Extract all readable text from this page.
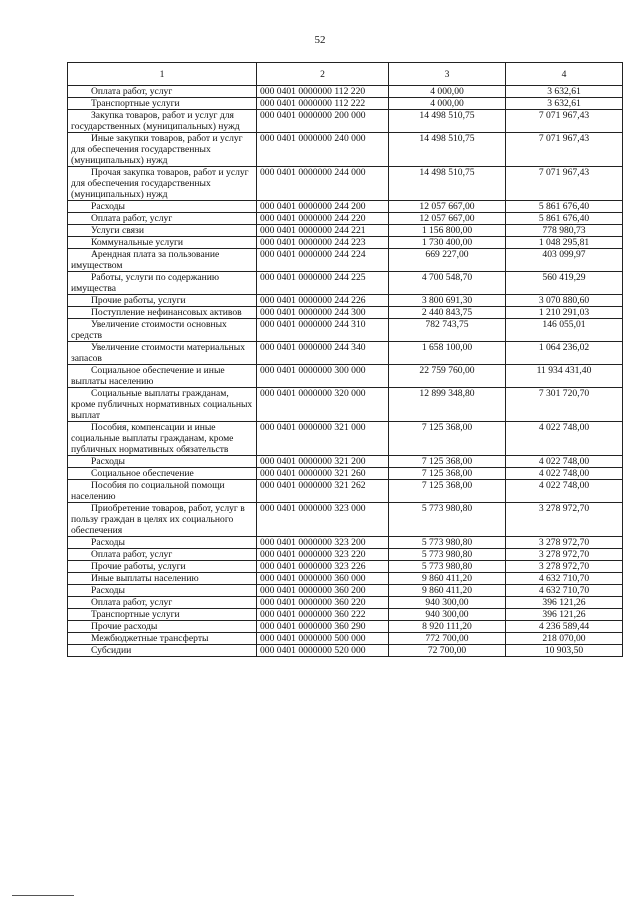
52
1	2	3	4
Оплата работ, услуг	000 0401 0000000 112 220	4 000,00	3 632,61
Транспортные услуги	000 0401 0000000 112 222	4 000,00	3 632,61
Закупка товаров, работ и услуг для государственных (муниципальных) нужд	000 0401 0000000 200 000	14 498 510,75	7 071 967,43
Иные закупки товаров, работ и услуг для обеспечения государственных (муниципальных) нужд	000 0401 0000000 240 000	14 498 510,75	7 071 967,43
Прочая закупка товаров, работ и услуг для обеспечения государственных (муниципальных) нужд	000 0401 0000000 244 000	14 498 510,75	7 071 967,43
Расходы	000 0401 0000000 244 200	12 057 667,00	5 861 676,40
Оплата работ, услуг	000 0401 0000000 244 220	12 057 667,00	5 861 676,40
Услуги связи	000 0401 0000000 244 221	1 156 800,00	778 980,73
Коммунальные услуги	000 0401 0000000 244 223	1 730 400,00	1 048 295,81
Арендная плата за пользование имуществом	000 0401 0000000 244 224	669 227,00	403 099,97
Работы, услуги по содержанию имущества	000 0401 0000000 244 225	4 700 548,70	560 419,29
Прочие работы, услуги	000 0401 0000000 244 226	3 800 691,30	3 070 880,60
Поступление нефинансовых активов	000 0401 0000000 244 300	2 440 843,75	1 210 291,03
Увеличение стоимости основных средств	000 0401 0000000 244 310	782 743,75	146 055,01
Увеличение стоимости материальных запасов	000 0401 0000000 244 340	1 658 100,00	1 064 236,02
Социальное обеспечение и иные выплаты населению	000 0401 0000000 300 000	22 759 760,00	11 934 431,40
Социальные выплаты гражданам, кроме публичных нормативных социальных выплат	000 0401 0000000 320 000	12 899 348,80	7 301 720,70
Пособия, компенсации и иные социальные выплаты гражданам, кроме публичных нормативных обязательств	000 0401 0000000 321 000	7 125 368,00	4 022 748,00
Расходы	000 0401 0000000 321 200	7 125 368,00	4 022 748,00
Социальное обеспечение	000 0401 0000000 321 260	7 125 368,00	4 022 748,00
Пособия по социальной помощи населению	000 0401 0000000 321 262	7 125 368,00	4 022 748,00
Приобретение товаров, работ, услуг в пользу граждан в целях их социального обеспечения	000 0401 0000000 323 000	5 773 980,80	3 278 972,70
Расходы	000 0401 0000000 323 200	5 773 980,80	3 278 972,70
Оплата работ, услуг	000 0401 0000000 323 220	5 773 980,80	3 278 972,70
Прочие работы, услуги	000 0401 0000000 323 226	5 773 980,80	3 278 972,70
Иные выплаты населению	000 0401 0000000 360 000	9 860 411,20	4 632 710,70
Расходы	000 0401 0000000 360 200	9 860 411,20	4 632 710,70
Оплата работ, услуг	000 0401 0000000 360 220	940 300,00	396 121,26
Транспортные услуги	000 0401 0000000 360 222	940 300,00	396 121,26
Прочие расходы	000 0401 0000000 360 290	8 920 111,20	4 236 589,44
Межбюджетные трансферты	000 0401 0000000 500 000	772 700,00	218 070,00
Субсидии	000 0401 0000000 520 000	72 700,00	10 903,50
